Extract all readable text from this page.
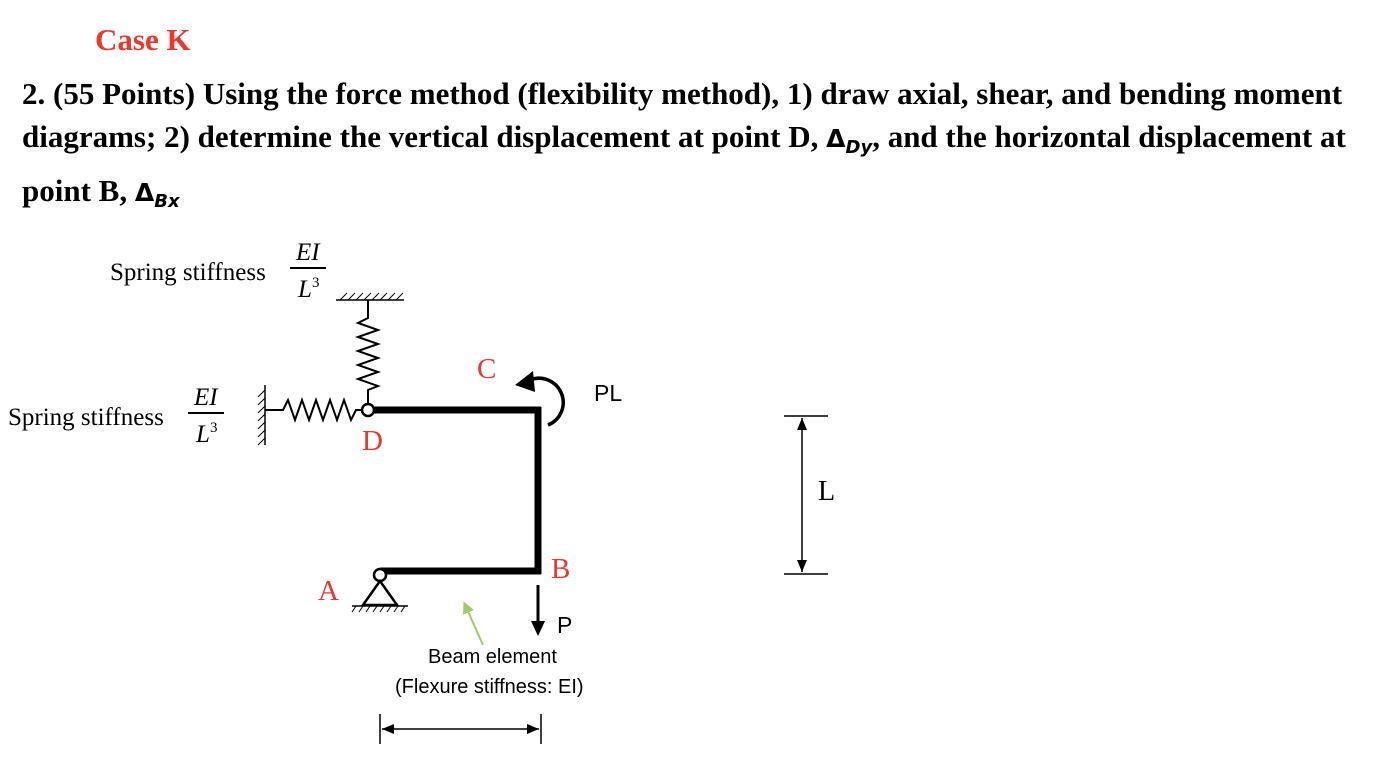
Case K
2. (55 Points) Using the force method (flexibility method), 1) draw axial, shear, and bending moment diagrams; 2) determine the vertical displacement at point D, $\Delta_{Dy}$, and the horizontal displacement at point B, $\Delta_{Bx}$
Spring stiffness
EI
L 3
Spring stiffness
EI
L 3
A
B
C
D
PL
P
Beam element
(Flexure stiffness: EI)
L
